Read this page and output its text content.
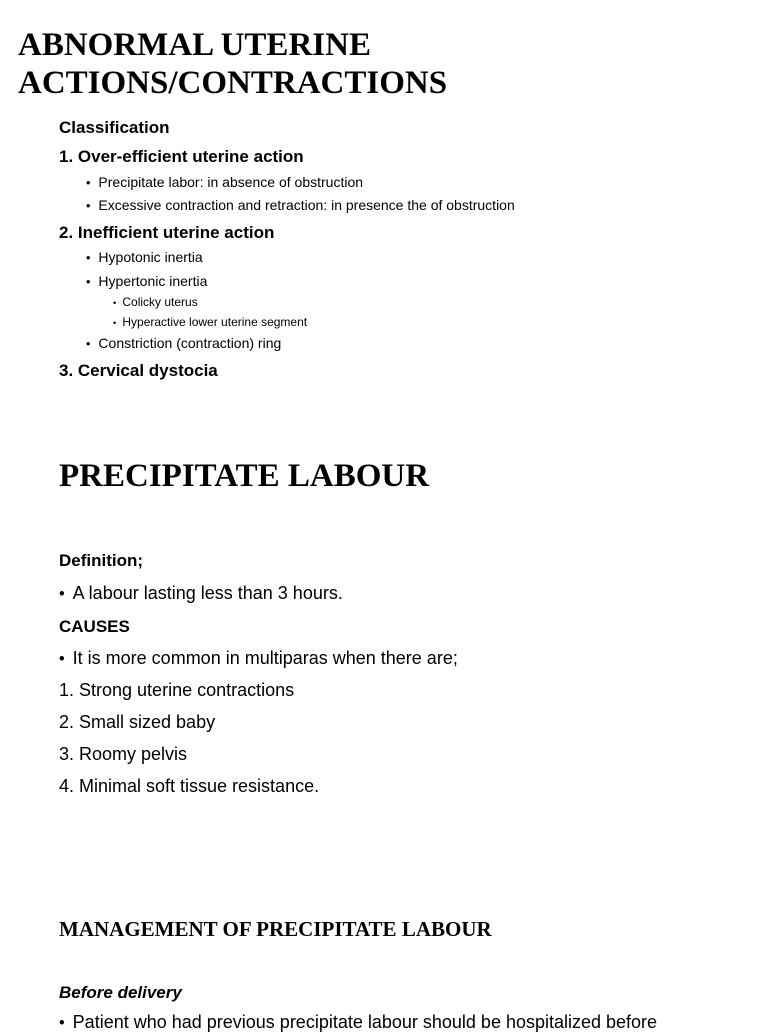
ABNORMAL UTERINE
ACTIONS/CONTRACTIONS
Classification
1. Over-efficient uterine action
• Precipitate labor: in absence of obstruction
• Excessive contraction and retraction: in presence the of obstruction
2. Inefficient uterine action
• Hypotonic inertia
• Hypertonic inertia
• Colicky uterus
• Hyperactive lower uterine segment
• Constriction (contraction) ring
3. Cervical dystocia
PRECIPITATE LABOUR
Definition;
• A labour lasting less than 3 hours.
CAUSES
• It is more common in multiparas when there are;
1. Strong uterine contractions
2. Small sized baby
3. Roomy pelvis
4. Minimal soft tissue resistance.
MANAGEMENT OF PRECIPITATE LABOUR
Before delivery
• Patient who had previous precipitate labour should be hospitalized before
